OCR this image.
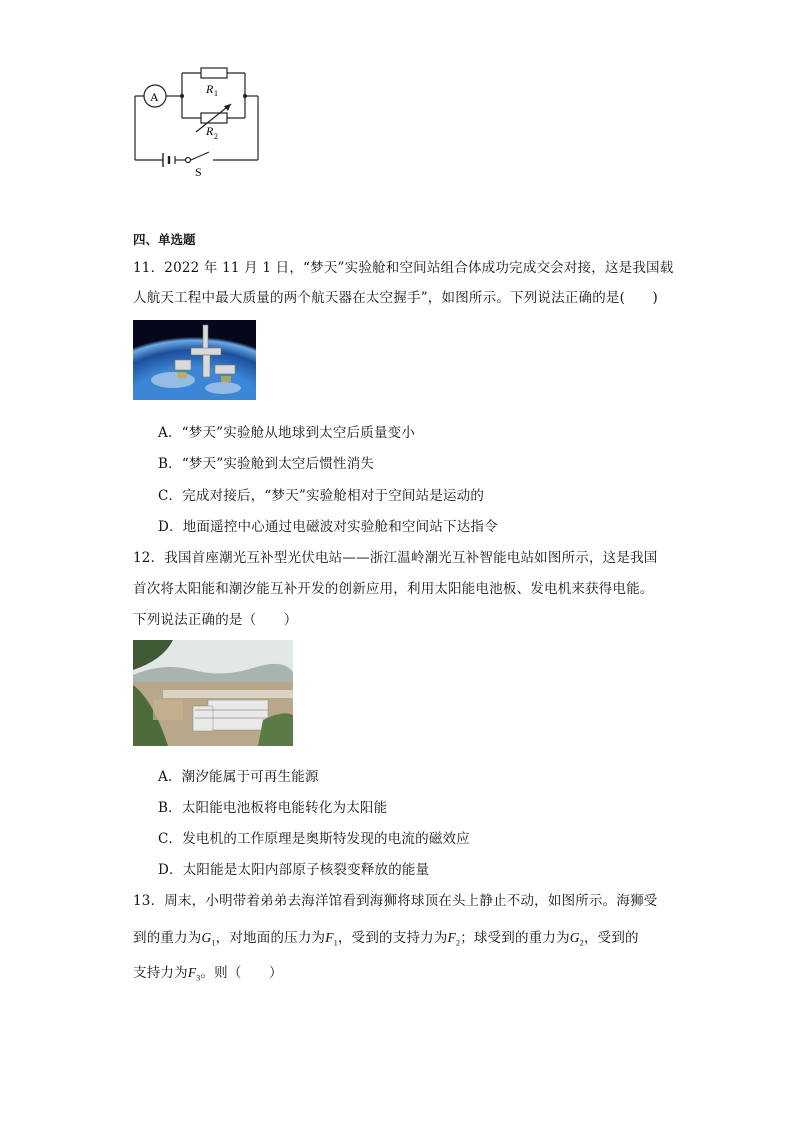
A
R 1
R 2
S
四、单选题
11．2022 年 11 月 1 日，“梦天”实验舱和空间站组合体成功完成交会对接，这是我国载
人航天工程中最大质量的两个航天器在太空握手”，如图所示。下列说法正确的是(　　)
A．“梦天”实验舱从地球到太空后质量变小
B．“梦天”实验舱到太空后惯性消失
C．完成对接后，“梦天”实验舱相对于空间站是运动的
D．地面遥控中心通过电磁波对实验舱和空间站下达指令
12．我国首座潮光互补型光伏电站——浙江温岭潮光互补智能电站如图所示，这是我国
首次将太阳能和潮汐能互补开发的创新应用，利用太阳能电池板、发电机来获得电能。
下列说法正确的是（　　）
A．潮汐能属于可再生能源
B．太阳能电池板将电能转化为太阳能
C．发电机的工作原理是奥斯特发现的电流的磁效应
D．太阳能是太阳内部原子核裂变释放的能量
13．周末，小明带着弟弟去海洋馆看到海狮将球顶在头上静止不动，如图所示。海狮受
到的重力为$G_1$，对地面的压力为$F_1$，受到的支持力为$F_2$；球受到的重力为$G_2$，受到的
支持力为$F_3$。则（　　）
